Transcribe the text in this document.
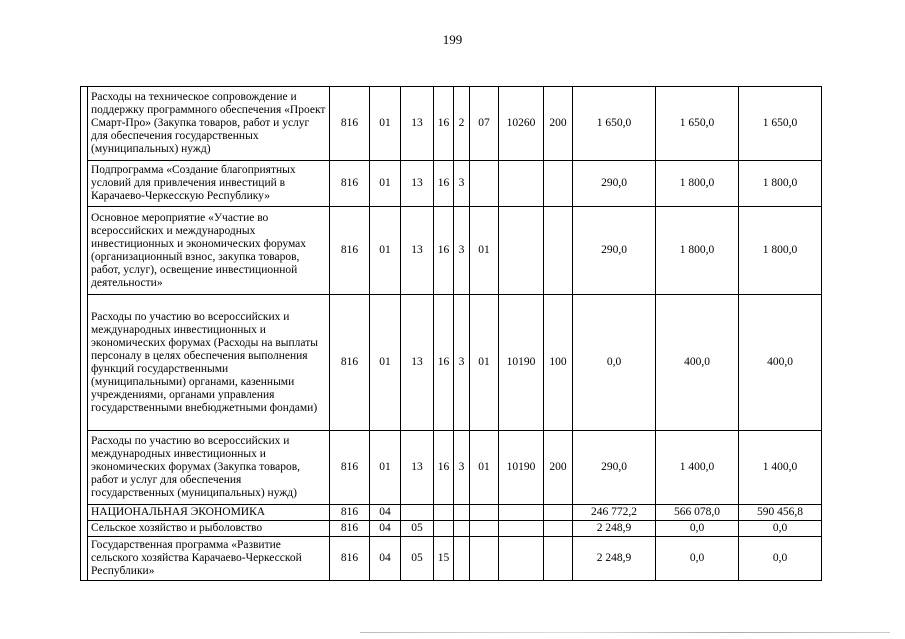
199
	Расходы на техническое сопровождение и поддержку программного обеспечения «Проект Смарт-Про» (Закупка товаров, работ и услуг для обеспечения государственных (муниципальных) нужд)	816	01	13	16	2	07	10260	200	1 650,0	1 650,0	1 650,0
	Подпрограмма «Создание благоприятных условий для привлечения инвестиций в Карачаево-Черкесскую Республику»	816	01	13	16	3				290,0	1 800,0	1 800,0
	Основное мероприятие «Участие во всероссийских и международных инвестиционных и экономических форумах (организационный взнос, закупка товаров, работ, услуг), освещение инвестиционной деятельности»	816	01	13	16	3	01			290,0	1 800,0	1 800,0
	Расходы по участию во всероссийских и международных инвестиционных и экономических форумах (Расходы на выплаты персоналу в целях обеспечения выполнения функций государственными (муниципальными) органами, казенными учреждениями, органами управления государственными внебюджетными фондами)	816	01	13	16	3	01	10190	100	0,0	400,0	400,0
	Расходы по участию во всероссийских и международных инвестиционных и экономических форумах (Закупка товаров, работ и услуг для обеспечения государственных (муниципальных) нужд)	816	01	13	16	3	01	10190	200	290,0	1 400,0	1 400,0
	НАЦИОНАЛЬНАЯ ЭКОНОМИКА	816	04							246 772,2	566 078,0	590 456,8
	Сельское хозяйство и рыболовство	816	04	05						2 248,9	0,0	0,0
	Государственная программа «Развитие сельского хозяйства Карачаево-Черкесской Республики»	816	04	05	15					2 248,9	0,0	0,0
